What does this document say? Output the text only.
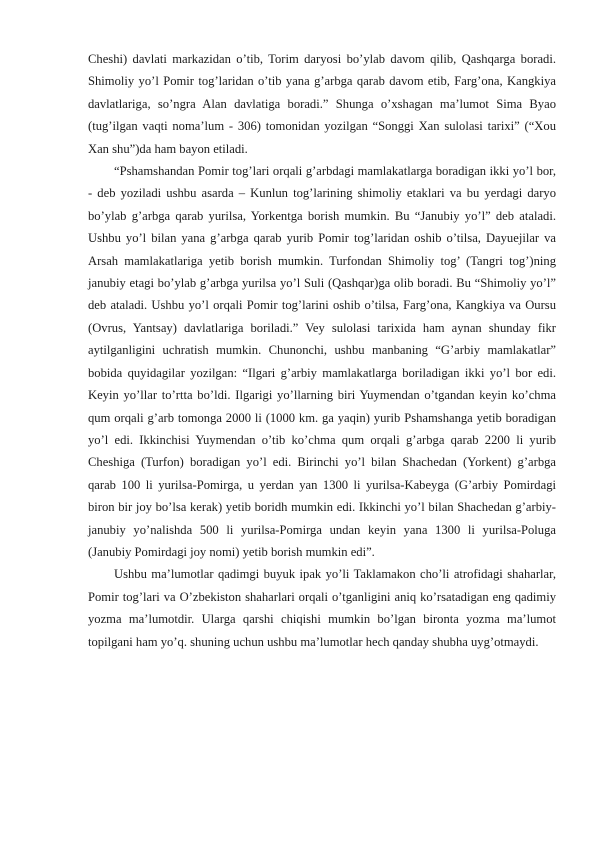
Cheshi) davlati markazidan o’tib, Torim daryosi bo’ylab davom qilib, Qashqarga boradi. Shimoliy yo’l Pomir tog’laridan o’tib yana g’arbga qarab davom etib, Farg’ona, Kangkiya davlatlariga, so’ngra Alan davlatiga boradi.” Shunga o’xshagan ma’lumot Sima Byao (tug’ilgan vaqti noma’lum - 306) tomonidan yozilgan “Songgi Xan sulolasi tarixi” (“Xou Xan shu”)da ham bayon etiladi.

“Pshamshandan Pomir tog’lari orqali g’arbdagi mamlakatlarga boradigan ikki yo’l bor, - deb yoziladi ushbu asarda – Kunlun tog’larining shimoliy etaklari va bu yerdagi daryo bo’ylab g’arbga qarab yurilsa, Yorkentga borish mumkin. Bu “Janubiy yo’l” deb ataladi. Ushbu yo’l bilan yana g’arbga qarab yurib Pomir tog’laridan oshib o’tilsa, Dayuejilar va Arsah mamlakatlariga yetib borish mumkin. Turfondan Shimoliy tog’ (Tangri tog’)ning janubiy etagi bo’ylab g’arbga yurilsa yo’l Suli (Qashqar)ga olib boradi. Bu “Shimoliy yo’l” deb ataladi. Ushbu yo’l orqali Pomir tog’larini oshib o’tilsa, Farg’ona, Kangkiya va Oursu (Ovrus, Yantsay) davlatlariga boriladi.” Vey sulolasi tarixida ham aynan shunday fikr aytilganligini uchratish mumkin. Chunonchi, ushbu manbaning “G’arbiy mamlakatlar” bobida quyidagilar yozilgan: “Ilgari g’arbiy mamlakatlarga boriladigan ikki yo’l bor edi. Keyin yo’llar to’rtta bo’ldi. Ilgarigi yo’llarning biri Yuymendan o’tgandan keyin ko’chma qum orqali g’arb tomonga 2000 li (1000 km. ga yaqin) yurib Pshamshanga yetib boradigan yo’l edi. Ikkinchisi Yuymendan o’tib ko’chma qum orqali g’arbga qarab 2200 li yurib Cheshiga (Turfon) boradigan yo’l edi. Birinchi yo’l bilan Shachedan (Yorkent) g’arbga qarab 100 li yurilsa-Pomirga, u yerdan yan 1300 li yurilsa-Kabeyga (G’arbiy Pomirdagi biron bir joy bo’lsa kerak) yetib boridh mumkin edi. Ikkinchi yo’l bilan Shachedan g’arbiy-janubiy yo’nalishda 500 li yurilsa-Pomirga undan keyin yana 1300 li yurilsa-Poluga (Janubiy Pomirdagi joy nomi) yetib borish mumkin edi”.

Ushbu ma’lumotlar qadimgi buyuk ipak yo’li Taklamakon cho’li atrofidagi shaharlar, Pomir tog’lari va O’zbekiston shaharlari orqali o’tganligini aniq ko’rsatadigan eng qadimiy yozma ma’lumotdir. Ularga qarshi chiqishi mumkin bo’lgan bironta yozma ma’lumot topilgani ham yo’q. shuning uchun ushbu ma’lumotlar hech qanday shubha uyg’otmaydi.
